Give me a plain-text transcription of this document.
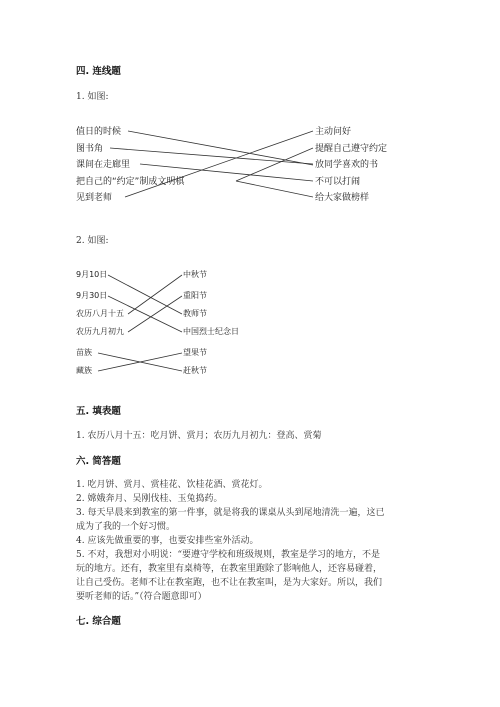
四. 连线题
1. 如图:
值日的时候
图书角
课间在走廊里
把自己的“约定”制成文明棋
见到老师
主动问好
提醒自己遵守约定
放同学喜欢的书
不可以打闹
给大家做榜样
2. 如图:
9月10日
9月30日
农历八月十五
农历九月初九
苗族
藏族
中秋节
重阳节
教师节
中国烈士纪念日
望果节
赶秋节
五. 填表题
1. 农历八月十五：吃月饼、赏月；农历九月初九：登高、赏菊
六. 简答题
1. 吃月饼、赏月、赏桂花、饮桂花酒、赏花灯。
2. 嫦娥奔月、吴刚伐桂、玉兔捣药。
3. 每天早晨来到教室的第一件事，就是将我的课桌从头到尾地清洗一遍，这已
成为了我的一个好习惯。
4. 应该先做重要的事，也要安排些室外活动。
5. 不对，我想对小明说：“要遵守学校和班级规则，教室是学习的地方，不是
玩的地方。还有，教室里有桌椅等，在教室里跑除了影响他人，还容易碰着，
让自己受伤。老师不让在教室跑，也不让在教室叫，是为大家好。所以，我们
要听老师的话。”（符合题意即可）
七. 综合题
